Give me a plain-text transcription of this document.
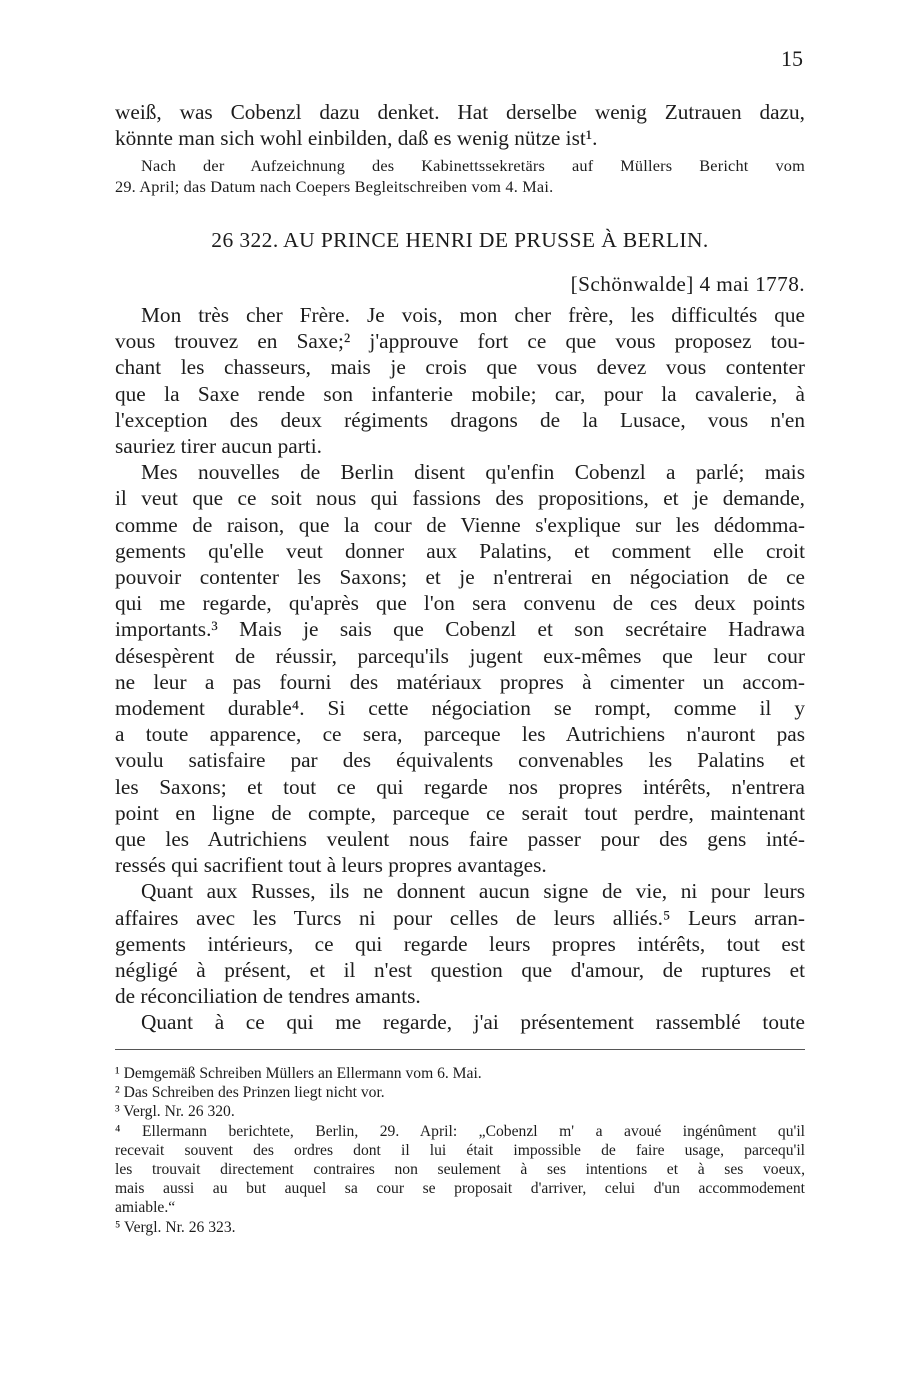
15
weiß, was Cobenzl dazu denket. Hat derselbe wenig Zutrauen dazu,
könnte man sich wohl einbilden, daß es wenig nütze ist¹.
Nach der Aufzeichnung des Kabinettssekretärs auf Müllers Bericht vom
29. April; das Datum nach Coepers Begleitschreiben vom 4. Mai.
26 322. AU PRINCE HENRI DE PRUSSE À BERLIN.
[Schönwalde] 4 mai 1778.
Mon très cher Frère. Je vois, mon cher frère, les difficultés que
vous trouvez en Saxe;² j'approuve fort ce que vous proposez tou-
chant les chasseurs, mais je crois que vous devez vous contenter
que la Saxe rende son infanterie mobile; car, pour la cavalerie, à
l'exception des deux régiments dragons de la Lusace, vous n'en
sauriez tirer aucun parti.
Mes nouvelles de Berlin disent qu'enfin Cobenzl a parlé; mais
il veut que ce soit nous qui fassions des propositions, et je demande,
comme de raison, que la cour de Vienne s'explique sur les dédomma-
gements qu'elle veut donner aux Palatins, et comment elle croit
pouvoir contenter les Saxons; et je n'entrerai en négociation de ce
qui me regarde, qu'après que l'on sera convenu de ces deux points
importants.³ Mais je sais que Cobenzl et son secrétaire Hadrawa
désespèrent de réussir, parcequ'ils jugent eux-mêmes que leur cour
ne leur a pas fourni des matériaux propres à cimenter un accom-
modement durable⁴. Si cette négociation se rompt, comme il y
a toute apparence, ce sera, parceque les Autrichiens n'auront pas
voulu satisfaire par des équivalents convenables les Palatins et
les Saxons; et tout ce qui regarde nos propres intérêts, n'entrera
point en ligne de compte, parceque ce serait tout perdre, maintenant
que les Autrichiens veulent nous faire passer pour des gens inté-
ressés qui sacrifient tout à leurs propres avantages.
Quant aux Russes, ils ne donnent aucun signe de vie, ni pour leurs
affaires avec les Turcs ni pour celles de leurs alliés.⁵ Leurs arran-
gements intérieurs, ce qui regarde leurs propres intérêts, tout est
négligé à présent, et il n'est question que d'amour, de ruptures et
de réconciliation de tendres amants.
Quant à ce qui me regarde, j'ai présentement rassemblé toute
¹ Demgemäß Schreiben Müllers an Ellermann vom 6. Mai.
² Das Schreiben des Prinzen liegt nicht vor.
³ Vergl. Nr. 26 320.
⁴ Ellermann berichtete, Berlin, 29. April: „Cobenzl m' a avoué ingénûment qu'il
recevait souvent des ordres dont il lui était impossible de faire usage, parcequ'il
les trouvait directement contraires non seulement à ses intentions et à ses voeux,
mais aussi au but auquel sa cour se proposait d'arriver, celui d'un accommodement
amiable.“
⁵ Vergl. Nr. 26 323.
